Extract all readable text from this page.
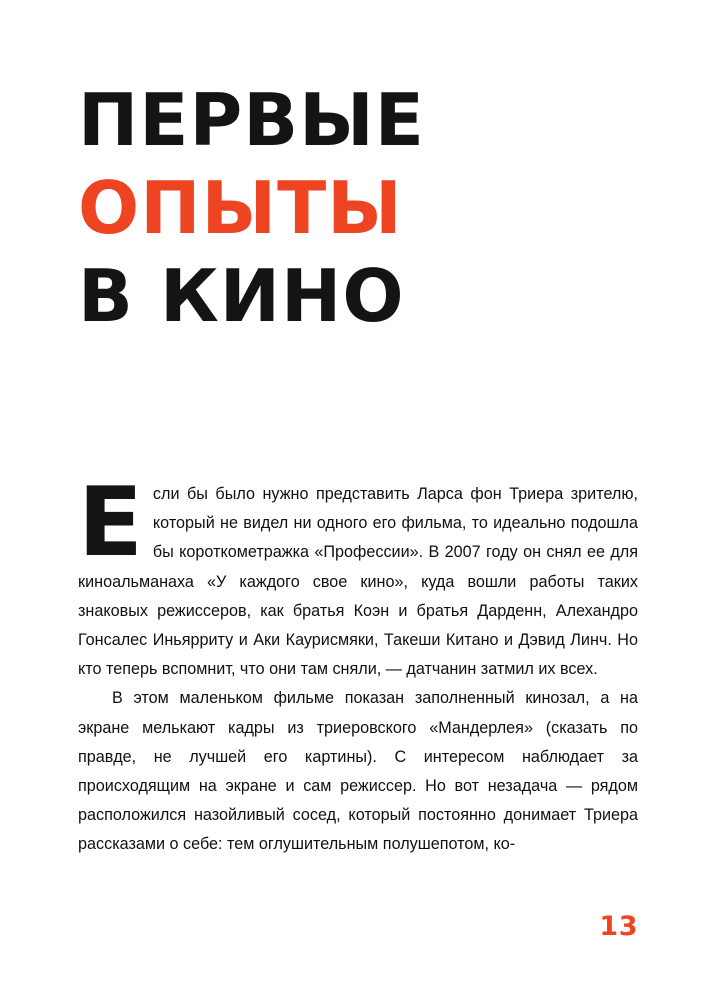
ПЕРВЫЕ
ОПЫТЫ
В КИНО

Если бы было нужно представить Ларса фон Триера зрителю, который не видел ни одного его фильма, то идеально подошла бы короткометражка «Профессии». В 2007 году он снял ее для киноальманаха «У каждого свое кино», куда вошли работы таких знаковых режиссеров, как братья Коэн и братья Дарденн, Алехандро Гонсалес Иньярриту и Аки Каурисмяки, Такеши Китано и Дэвид Линч. Но кто теперь вспомнит, что они там сняли, — датчанин затмил их всех.

В этом маленьком фильме показан заполненный кинозал, а на экране мелькают кадры из триеровского «Мандерлея» (сказать по правде, не лучшей его картины). С интересом наблюдает за происходящим на экране и сам режиссер. Но вот незадача — рядом расположился назойливый сосед, который постоянно донимает Триера рассказами о себе: тем оглушительным полушепотом, ко-

13
